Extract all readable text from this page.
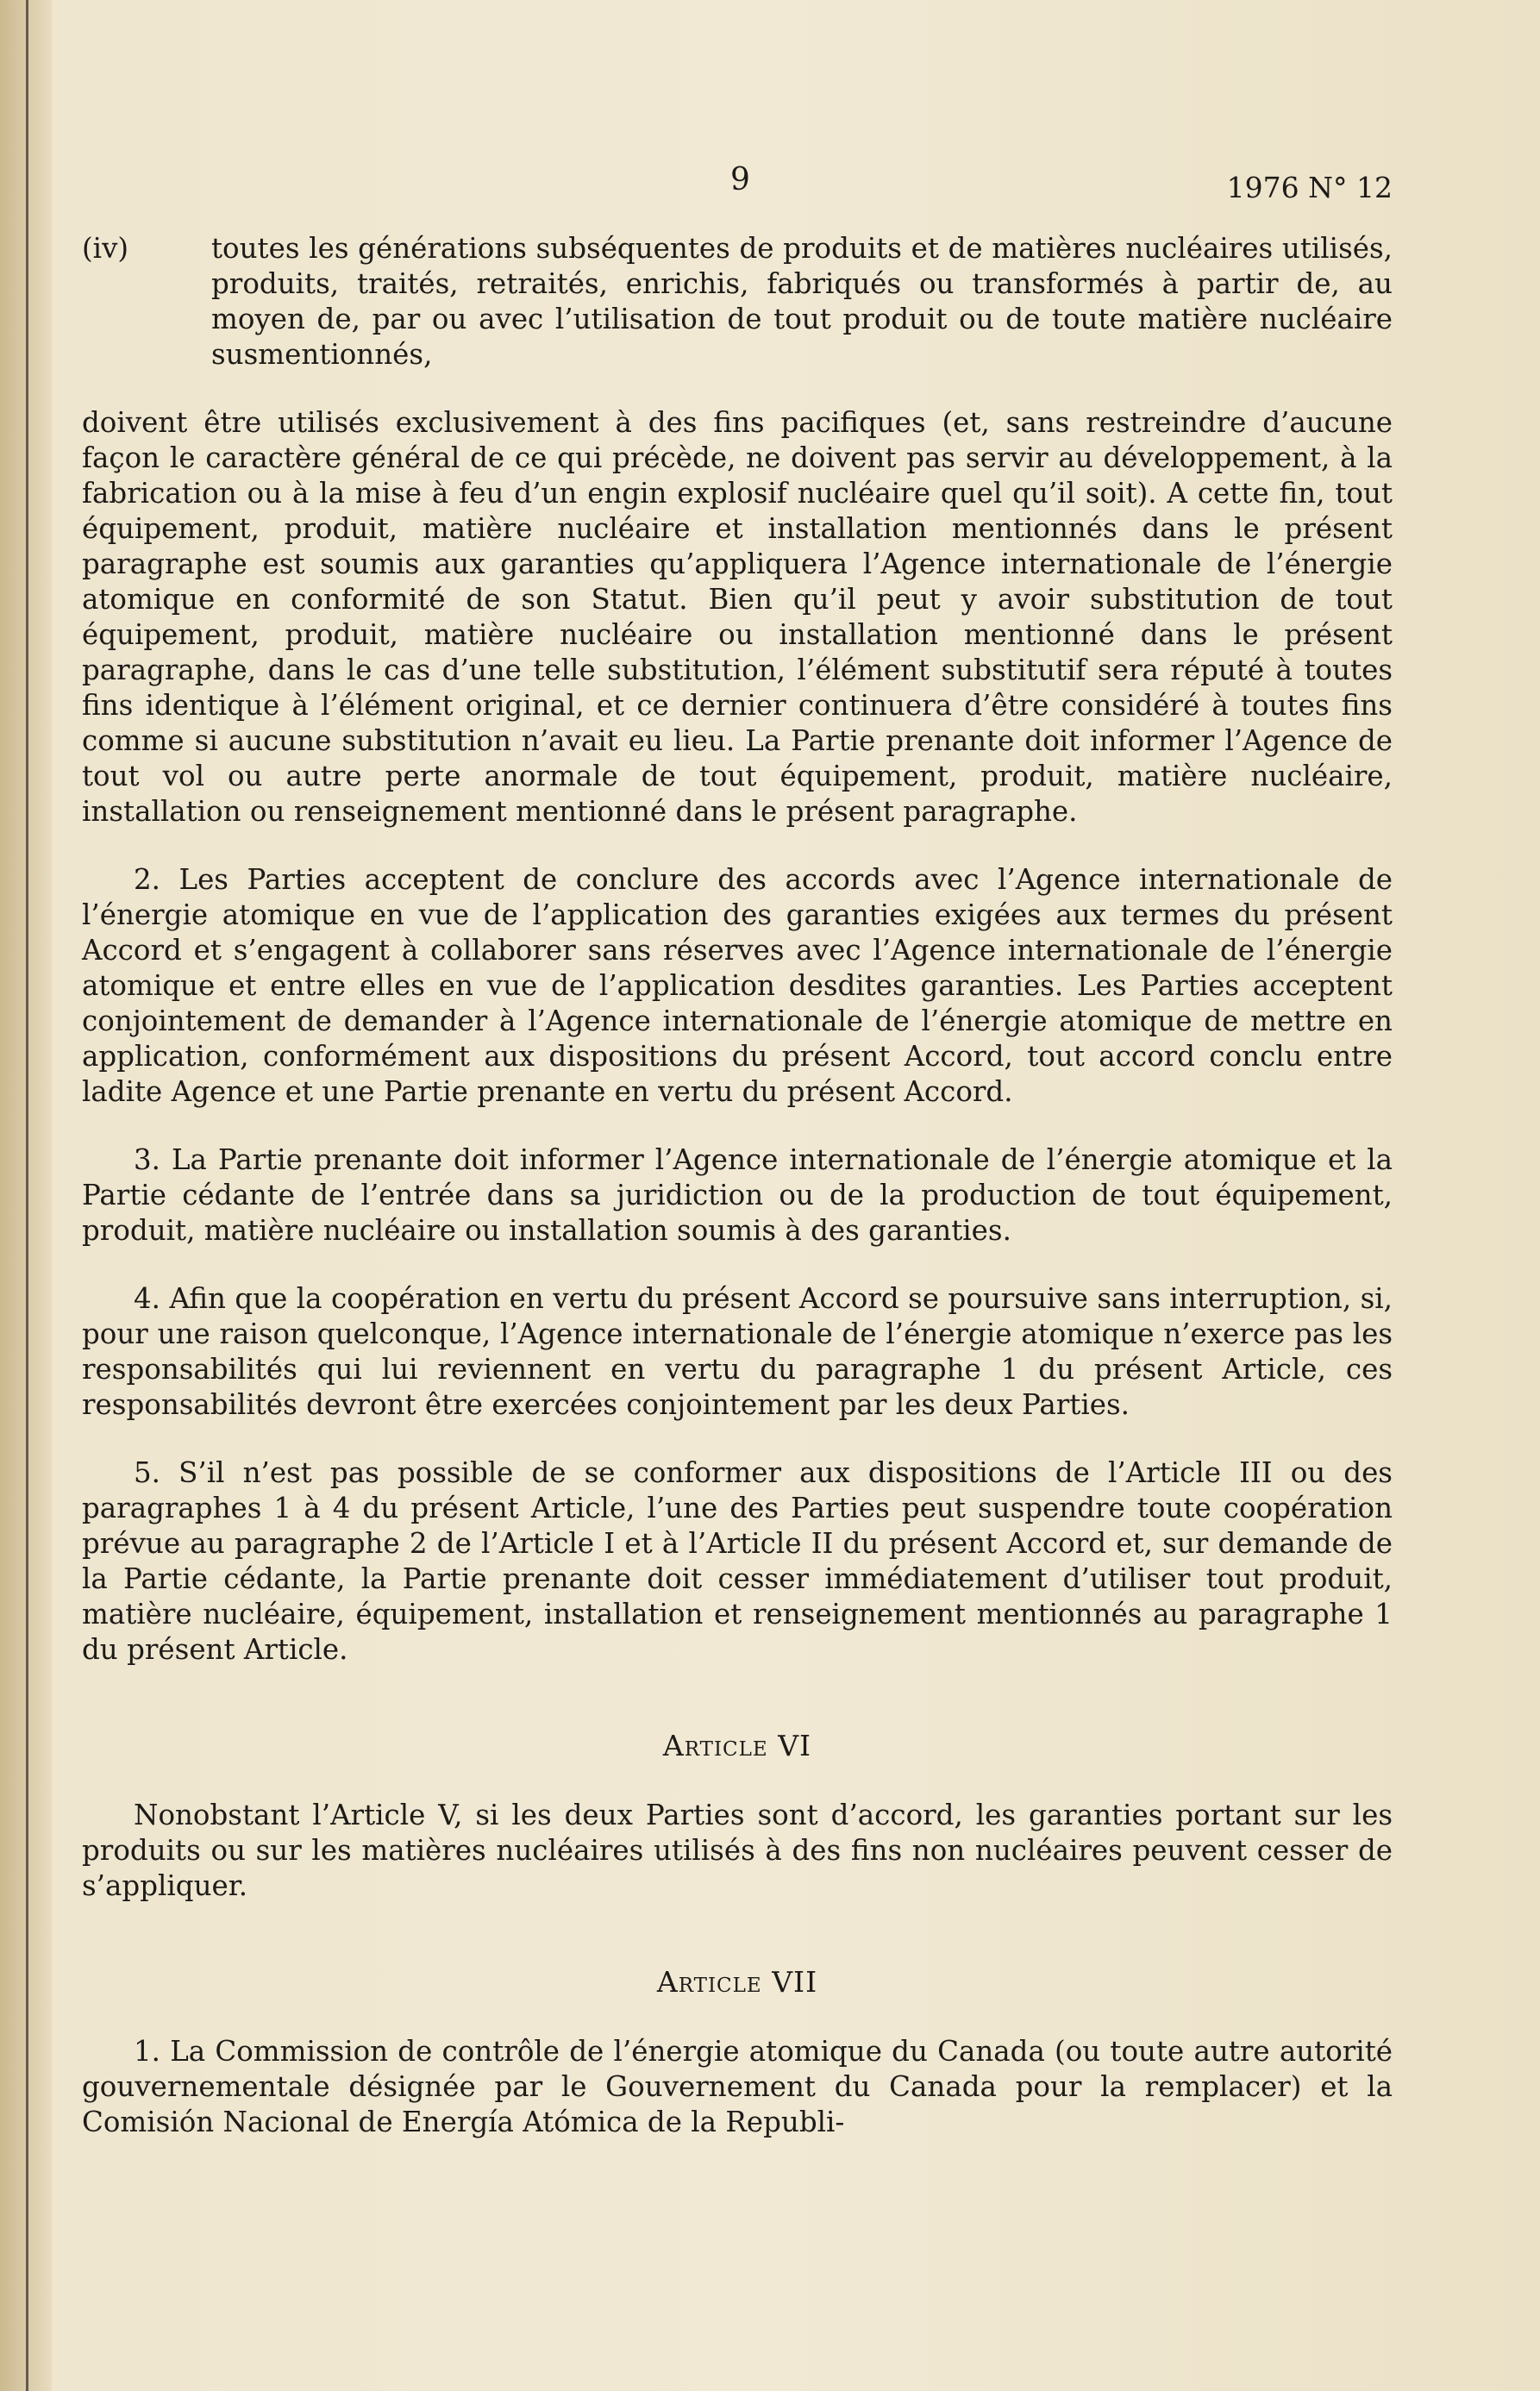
9	1976 N° 12
(iv)	toutes les générations subséquentes de produits et de matières nucléaires utilisés, produits, traités, retraités, enrichis, fabriqués ou transformés à partir de, au moyen de, par ou avec l’utilisation de tout produit ou de toute matière nucléaire susmentionnés,

doivent être utilisés exclusivement à des fins pacifiques (et, sans restreindre d’aucune façon le caractère général de ce qui précède, ne doivent pas servir au développement, à la fabrication ou à la mise à feu d’un engin explosif nucléaire quel qu’il soit). A cette fin, tout équipement, produit, matière nucléaire et installation mentionnés dans le présent paragraphe est soumis aux garanties qu’appliquera l’Agence internationale de l’énergie atomique en conformité de son Statut. Bien qu’il peut y avoir substitution de tout équipement, produit, matière nucléaire ou installation mentionné dans le présent paragraphe, dans le cas d’une telle substitution, l’élément substitutif sera réputé à toutes fins identique à l’élément original, et ce dernier continuera d’être considéré à toutes fins comme si aucune substitution n’avait eu lieu. La Partie prenante doit informer l’Agence de tout vol ou autre perte anormale de tout équipement, produit, matière nucléaire, installation ou renseignement mentionné dans le présent paragraphe.

2. Les Parties acceptent de conclure des accords avec l’Agence internationale de l’énergie atomique en vue de l’application des garanties exigées aux termes du présent Accord et s’engagent à collaborer sans réserves avec l’Agence internationale de l’énergie atomique et entre elles en vue de l’application desdites garanties. Les Parties acceptent conjointement de demander à l’Agence internationale de l’énergie atomique de mettre en application, conformément aux dispositions du présent Accord, tout accord conclu entre ladite Agence et une Partie prenante en vertu du présent Accord.

3. La Partie prenante doit informer l’Agence internationale de l’énergie atomique et la Partie cédante de l’entrée dans sa juridiction ou de la production de tout équipement, produit, matière nucléaire ou installation soumis à des garanties.

4. Afin que la coopération en vertu du présent Accord se poursuive sans interruption, si, pour une raison quelconque, l’Agence internationale de l’énergie atomique n’exerce pas les responsabilités qui lui reviennent en vertu du paragraphe 1 du présent Article, ces responsabilités devront être exercées conjointement par les deux Parties.

5. S’il n’est pas possible de se conformer aux dispositions de l’Article III ou des paragraphes 1 à 4 du présent Article, l’une des Parties peut suspendre toute coopération prévue au paragraphe 2 de l’Article I et à l’Article II du présent Accord et, sur demande de la Partie cédante, la Partie prenante doit cesser immédiatement d’utiliser tout produit, matière nucléaire, équipement, installation et renseignement mentionnés au paragraphe 1 du présent Article.

Article VI

Nonobstant l’Article V, si les deux Parties sont d’accord, les garanties portant sur les produits ou sur les matières nucléaires utilisés à des fins non nucléaires peuvent cesser de s’appliquer.

Article VII

1. La Commission de contrôle de l’énergie atomique du Canada (ou toute autre autorité gouvernementale désignée par le Gouvernement du Canada pour la remplacer) et la Comisión Nacional de Energía Atómica de la Republi-
